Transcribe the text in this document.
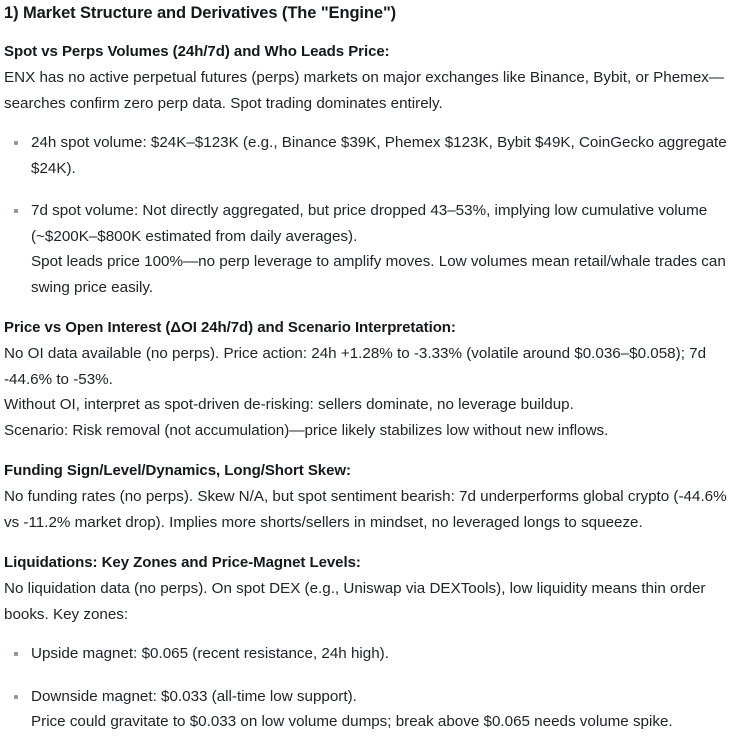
1) Market Structure and Derivatives (The "Engine")
Spot vs Perps Volumes (24h/7d) and Who Leads Price:

ENX has no active perpetual futures (perps) markets on major exchanges like Binance, Bybit, or Phemex—searches confirm zero perp data. Spot trading dominates entirely.

24h spot volume: $24K–$123K (e.g., Binance $39K, Phemex $123K, Bybit $49K, CoinGecko aggregate $24K).
7d spot volume: Not directly aggregated, but price dropped 43–53%, implying low cumulative volume (~$200K–$800K estimated from daily averages).
Spot leads price 100%—no perp leverage to amplify moves. Low volumes mean retail/whale trades can swing price easily.
Price vs Open Interest (ΔOI 24h/7d) and Scenario Interpretation:

No OI data available (no perps). Price action: 24h +1.28% to -3.33% (volatile around $0.036–$0.058); 7d -44.6% to -53%.
Without OI, interpret as spot-driven de-risking: sellers dominate, no leverage buildup.
Scenario: Risk removal (not accumulation)—price likely stabilizes low without new inflows.

Funding Sign/Level/Dynamics, Long/Short Skew:

No funding rates (no perps). Skew N/A, but spot sentiment bearish: 7d underperforms global crypto (-44.6% vs -11.2% market drop). Implies more shorts/sellers in mindset, no leveraged longs to squeeze.

Liquidations: Key Zones and Price-Magnet Levels:

No liquidation data (no perps). On spot DEX (e.g., Uniswap via DEXTools), low liquidity means thin order books. Key zones:

Upside magnet: $0.065 (recent resistance, 24h high).
Downside magnet: $0.033 (all-time low support).
Price could gravitate to $0.033 on low volume dumps; break above $0.065 needs volume spike.
